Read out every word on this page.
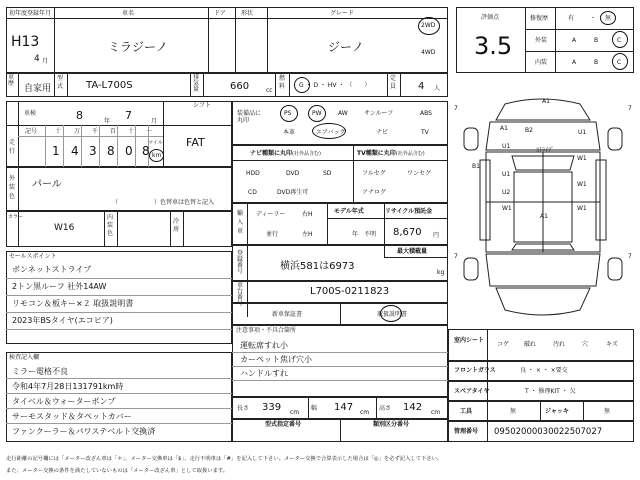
初年度登録年月	車名	ドア	形状	グレード
H13
4 月
ミラジーノ	ジーノ
2WD
4WD
評価点
3.5
修復歴	有	・ 無
外装	A	B	C
内装	A	B	C
車歴
自家用
型式 TA-L700S
排気量	660	cc
燃料	G ・ D ・ HV ・ （　　）
定員 4 人
車検	8	年 7	月
シフト
FAT
走行
記号	十 万 千 百 十 一
1 4 3 8 0 8
マイル
km
外装色
パール
（　　　　　　）色替車は色替と記入
カラー
W16
内装色
冷房
セールスポイント
ボンネットストライプ
2トン黒ルーフ 社外14AW
リモコン＆板キー×２ 取扱説明書
2023年BSタイヤ(エコピア)
検査記入欄
ミラー電格不良
令和4年7月28日131791km時
タイベル＆ウォーターポンプ
サーモスタッド＆タペットカバー
ファンクーラー＆パワステベルト交換済
装備品に丸印
PS	PW	AW	サンルーフ	ABS
本革	エアバック	ナビ	TV
ナビ種類に丸印(社外品含む)	TV種類に丸印(社外品含む)
HDD	DVD	SD
CD	DVD再生可
フルセグ	ワンセグ
アナログ
輸入車
ディーラー	右H
並行	左H
モデル年式
年　不明
リサイクル預託金
8,670 円
登録番号	横浜581は6973
最大積載量
kg
車台番号
L700S-0211823
新車保証書	取扱説明書
注意事項・不具合箇所
運転席すれ小
カーペット焦げ穴小
ハンドルすれ
長さ 339 cm
幅 147 cm
高さ 142 cm
型式指定番号	類別区分番号
A1
7	7
7	7
A1	B2	U1
U1
ｽﾄﾗｲﾌﾟ
W1
W1
W1
W1
B1
U1
U2
A1
室内シート
コゲ 破れ	汚れ	穴	キズ
フロントガラス	良 ・ × ・ ×要交
スペアタイヤ	T ・ 修理KIT ・ 欠
工具	無	ジャッキ	無
管理番号 09502000030022507027
走行距離の記号欄には「メーター改ざん車は「＊」、メーター交換車は「$」、走行不明車は「#」を記入して下さい。メーター交換で合算表示した場合は「◎」を必ず記入して下さい。
また、メーター交換の条件を満たしていないものは「メーター改ざん車」として取扱います。
